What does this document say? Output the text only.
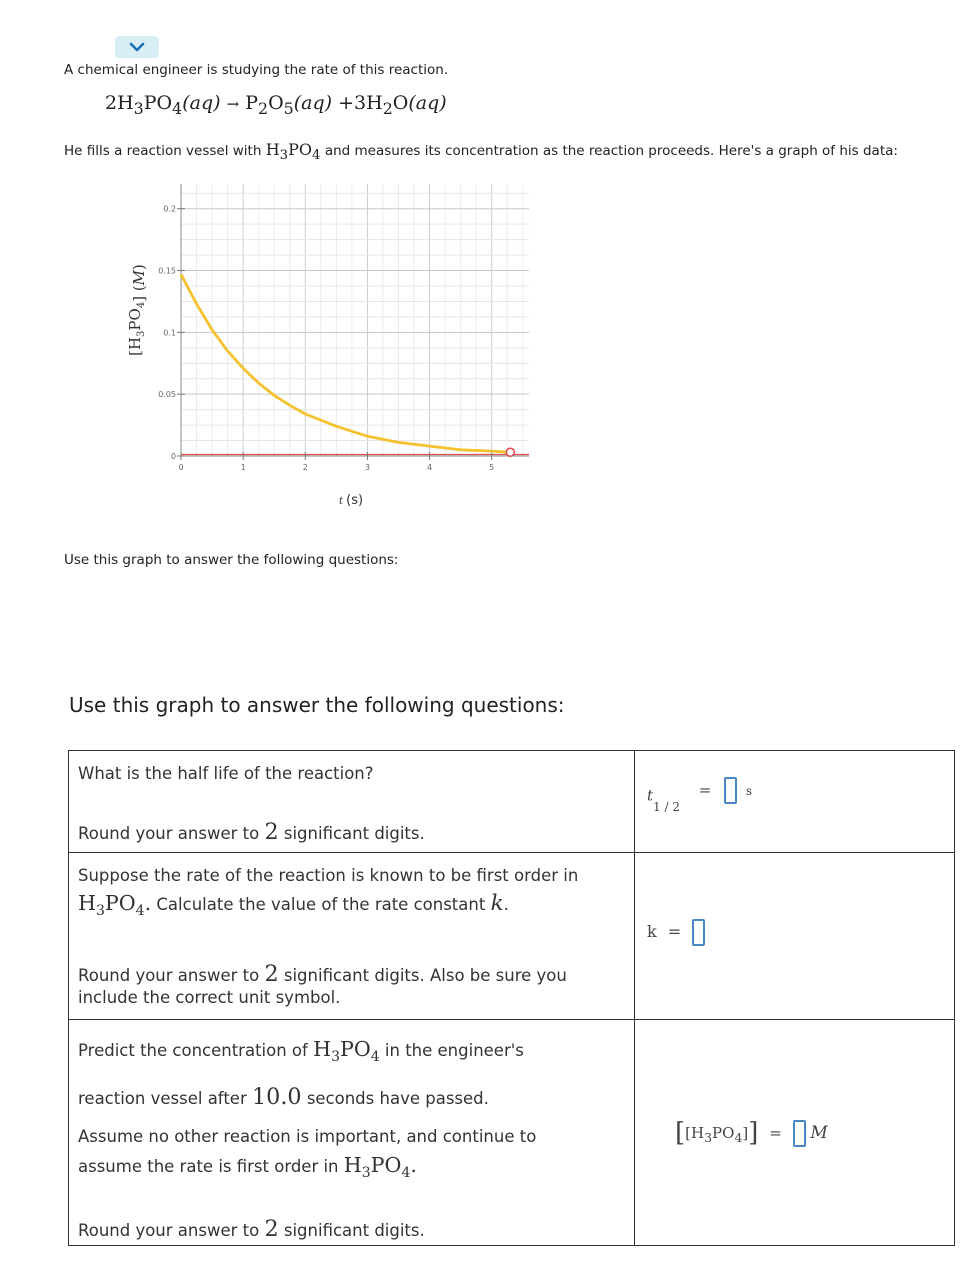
A chemical engineer is studying the rate of this reaction.
$2H_3PO_4(aq) \to P_2O_5(aq) +3H_2O(aq)$
He fills a reaction vessel with $H_3PO_4$ and measures its concentration as the reaction proceeds. Here's a graph of his data:
0	1	2	3	4	5
0
0.05
0.1
0.15
0.2
t (s)
$[H_3PO_4]$ (M)
Use this graph to answer the following questions:
Use this graph to answer the following questions:
What is the half life of the reaction?
Round your answer to 2 significant digits.	$t_{1 / 2} = ^s$

Suppose the rate of the reaction is known to be first order in
$H_3PO_4$. Calculate the value of the rate constant k.
Round your answer to 2 significant digits. Also be sure you
include the correct unit symbol.	k =

Predict the concentration of $H_3PO_4$ in the engineer's
reaction vessel after 10.0 seconds have passed.
Assume no other reaction is important, and continue to
assume the rate is first order in $H_3PO_4$.
Round your answer to 2 significant digits.	$[[H_3PO_4]] = M$
